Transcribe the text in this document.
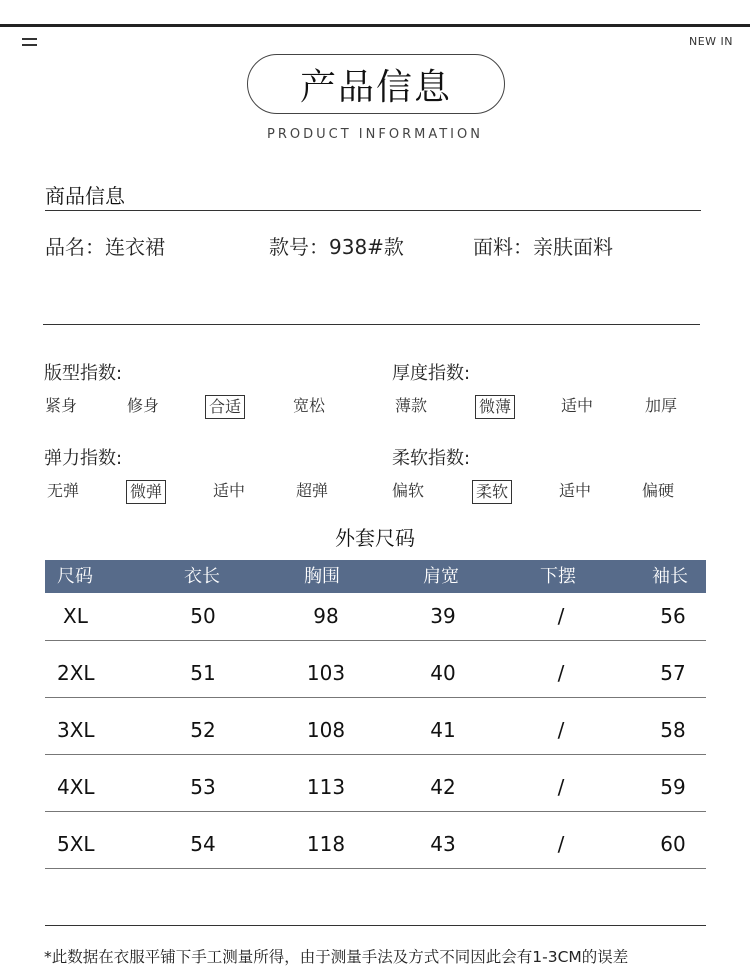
NEW IN
产品信息
PRODUCT INFORMATION
商品信息
品名：连衣裙	款号：938#款	面料：亲肤面料
版型指数:
紧身	修身	合适	宽松
厚度指数:
薄款	微薄	适中	加厚
弹力指数:
无弹	微弹	适中	超弹
柔软指数:
偏软	柔软	适中	偏硬
外套尺码
尺码	衣长	胸围	肩宽	下摆	袖长
XL	50	98	39	/	56
2XL	51	103	40	/	57
3XL	52	108	41	/	58
4XL	53	113	42	/	59
5XL	54	118	43	/	60
*此数据在衣服平铺下手工测量所得，由于测量手法及方式不同因此会有1-3CM的误差
